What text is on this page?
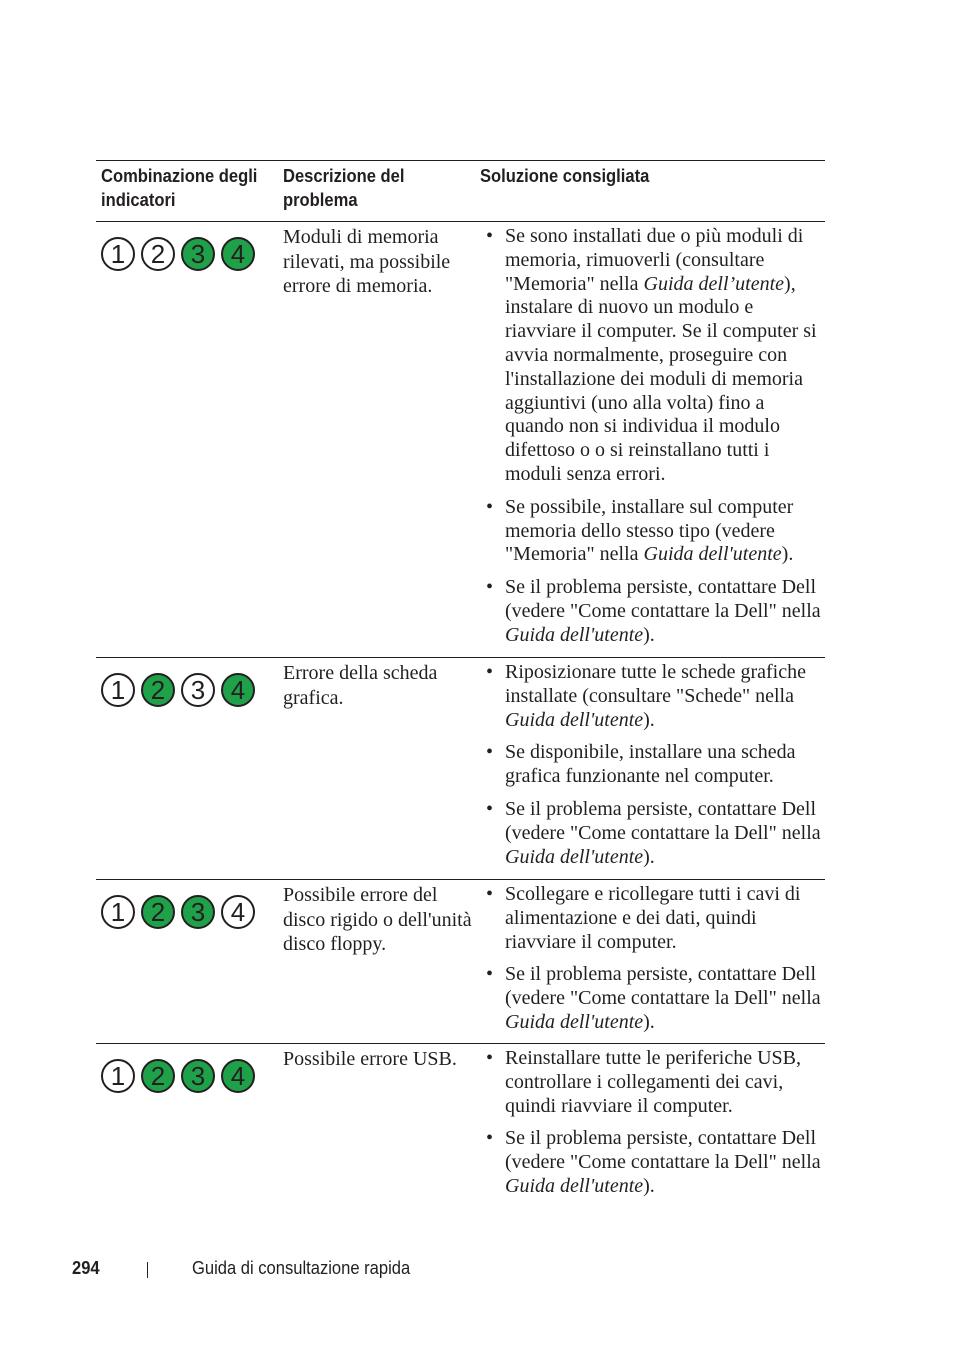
Combinazione degli indicatori
Descrizione del problema
Soluzione consigliata
1 2 3 4
Moduli di memoria rilevati, ma possibile errore di memoria.
• Se sono installati due o più moduli di memoria, rimuoverli (consultare "Memoria" nella Guida dell’utente), instalare di nuovo un modulo e riavviare il computer. Se il computer si avvia normalmente, proseguire con l'installazione dei moduli di memoria aggiuntivi (uno alla volta) fino a quando non si individua il modulo difettoso o o si reinstallano tutti i moduli senza errori.
• Se possibile, installare sul computer memoria dello stesso tipo (vedere "Memoria" nella Guida dell'utente).
• Se il problema persiste, contattare Dell (vedere "Come contattare la Dell" nella Guida dell'utente).
1 2 3 4
Errore della scheda grafica.
• Riposizionare tutte le schede grafiche installate (consultare "Schede" nella Guida dell'utente).
• Se disponibile, installare una scheda grafica funzionante nel computer.
• Se il problema persiste, contattare Dell (vedere "Come contattare la Dell" nella Guida dell'utente).
1 2 3 4
Possibile errore del disco rigido o dell'unità disco floppy.
• Scollegare e ricollegare tutti i cavi di alimentazione e dei dati, quindi riavviare il computer.
• Se il problema persiste, contattare Dell (vedere "Come contattare la Dell" nella Guida dell'utente).
1 2 3 4
Possibile errore USB.
•	Reinstallare tutte le periferiche USB, controllare i collegamenti dei cavi, quindi riavviare il computer.
• Se il problema persiste, contattare Dell (vedere "Come contattare la Dell" nella Guida dell'utente).
294	Guida di consultazione rapida
